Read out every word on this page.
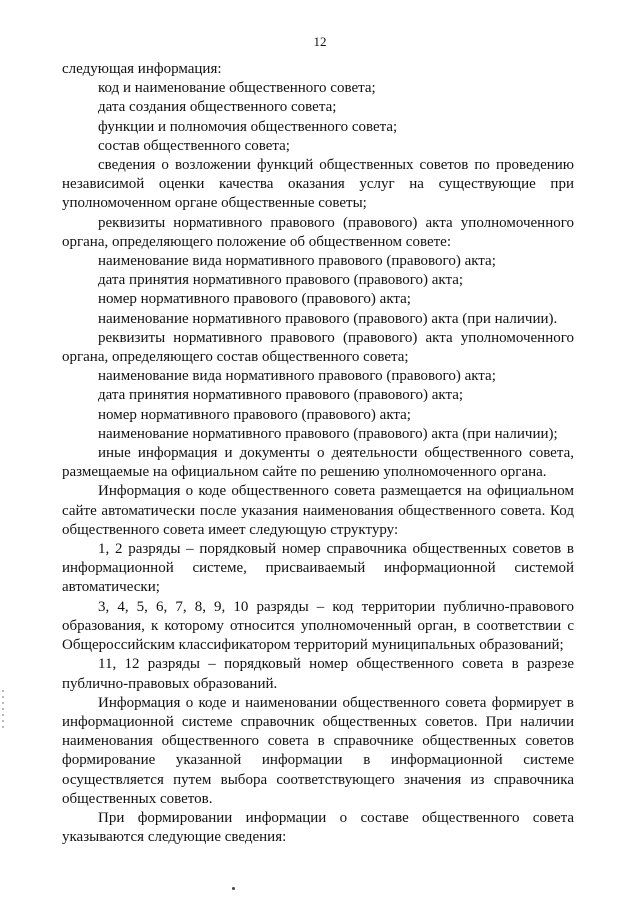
12

следующая информация:

код и наименование общественного совета;

дата создания общественного совета;

функции и полномочия общественного совета;

состав общественного совета;

сведения о возложении функций общественных советов по проведению независимой оценки качества оказания услуг на существующие при уполномоченном органе общественные советы;

реквизиты нормативного правового (правового) акта уполномоченного органа, определяющего положение об общественном совете:

наименование вида нормативного правового (правового) акта;

дата принятия нормативного правового (правового) акта;

номер нормативного правового (правового) акта;

наименование нормативного правового (правового) акта (при наличии).

реквизиты нормативного правового (правового) акта уполномоченного органа, определяющего состав общественного совета;

наименование вида нормативного правового (правового) акта;

дата принятия нормативного правового (правового) акта;

номер нормативного правового (правового) акта;

наименование нормативного правового (правового) акта (при наличии);

иные информация и документы о деятельности общественного совета, размещаемые на официальном сайте по решению уполномоченного органа.

Информация о коде общественного совета размещается на официальном сайте автоматически после указания наименования общественного совета. Код общественного совета имеет следующую структуру:

1, 2 разряды – порядковый номер справочника общественных советов в информационной системе, присваиваемый информационной системой автоматически;

3, 4, 5, 6, 7, 8, 9, 10 разряды – код территории публично-правового образования, к которому относится уполномоченный орган, в соответствии с Общероссийским классификатором территорий муниципальных образований;

11, 12 разряды – порядковый номер общественного совета в разрезе публично-правовых образований.

Информация о коде и наименовании общественного совета формирует в информационной системе справочник общественных советов. При наличии наименования общественного совета в справочнике общественных советов формирование указанной информации в информационной системе осуществляется путем выбора соответствующего значения из справочника общественных советов.

При формировании информации о составе общественного совета указываются следующие сведения:
